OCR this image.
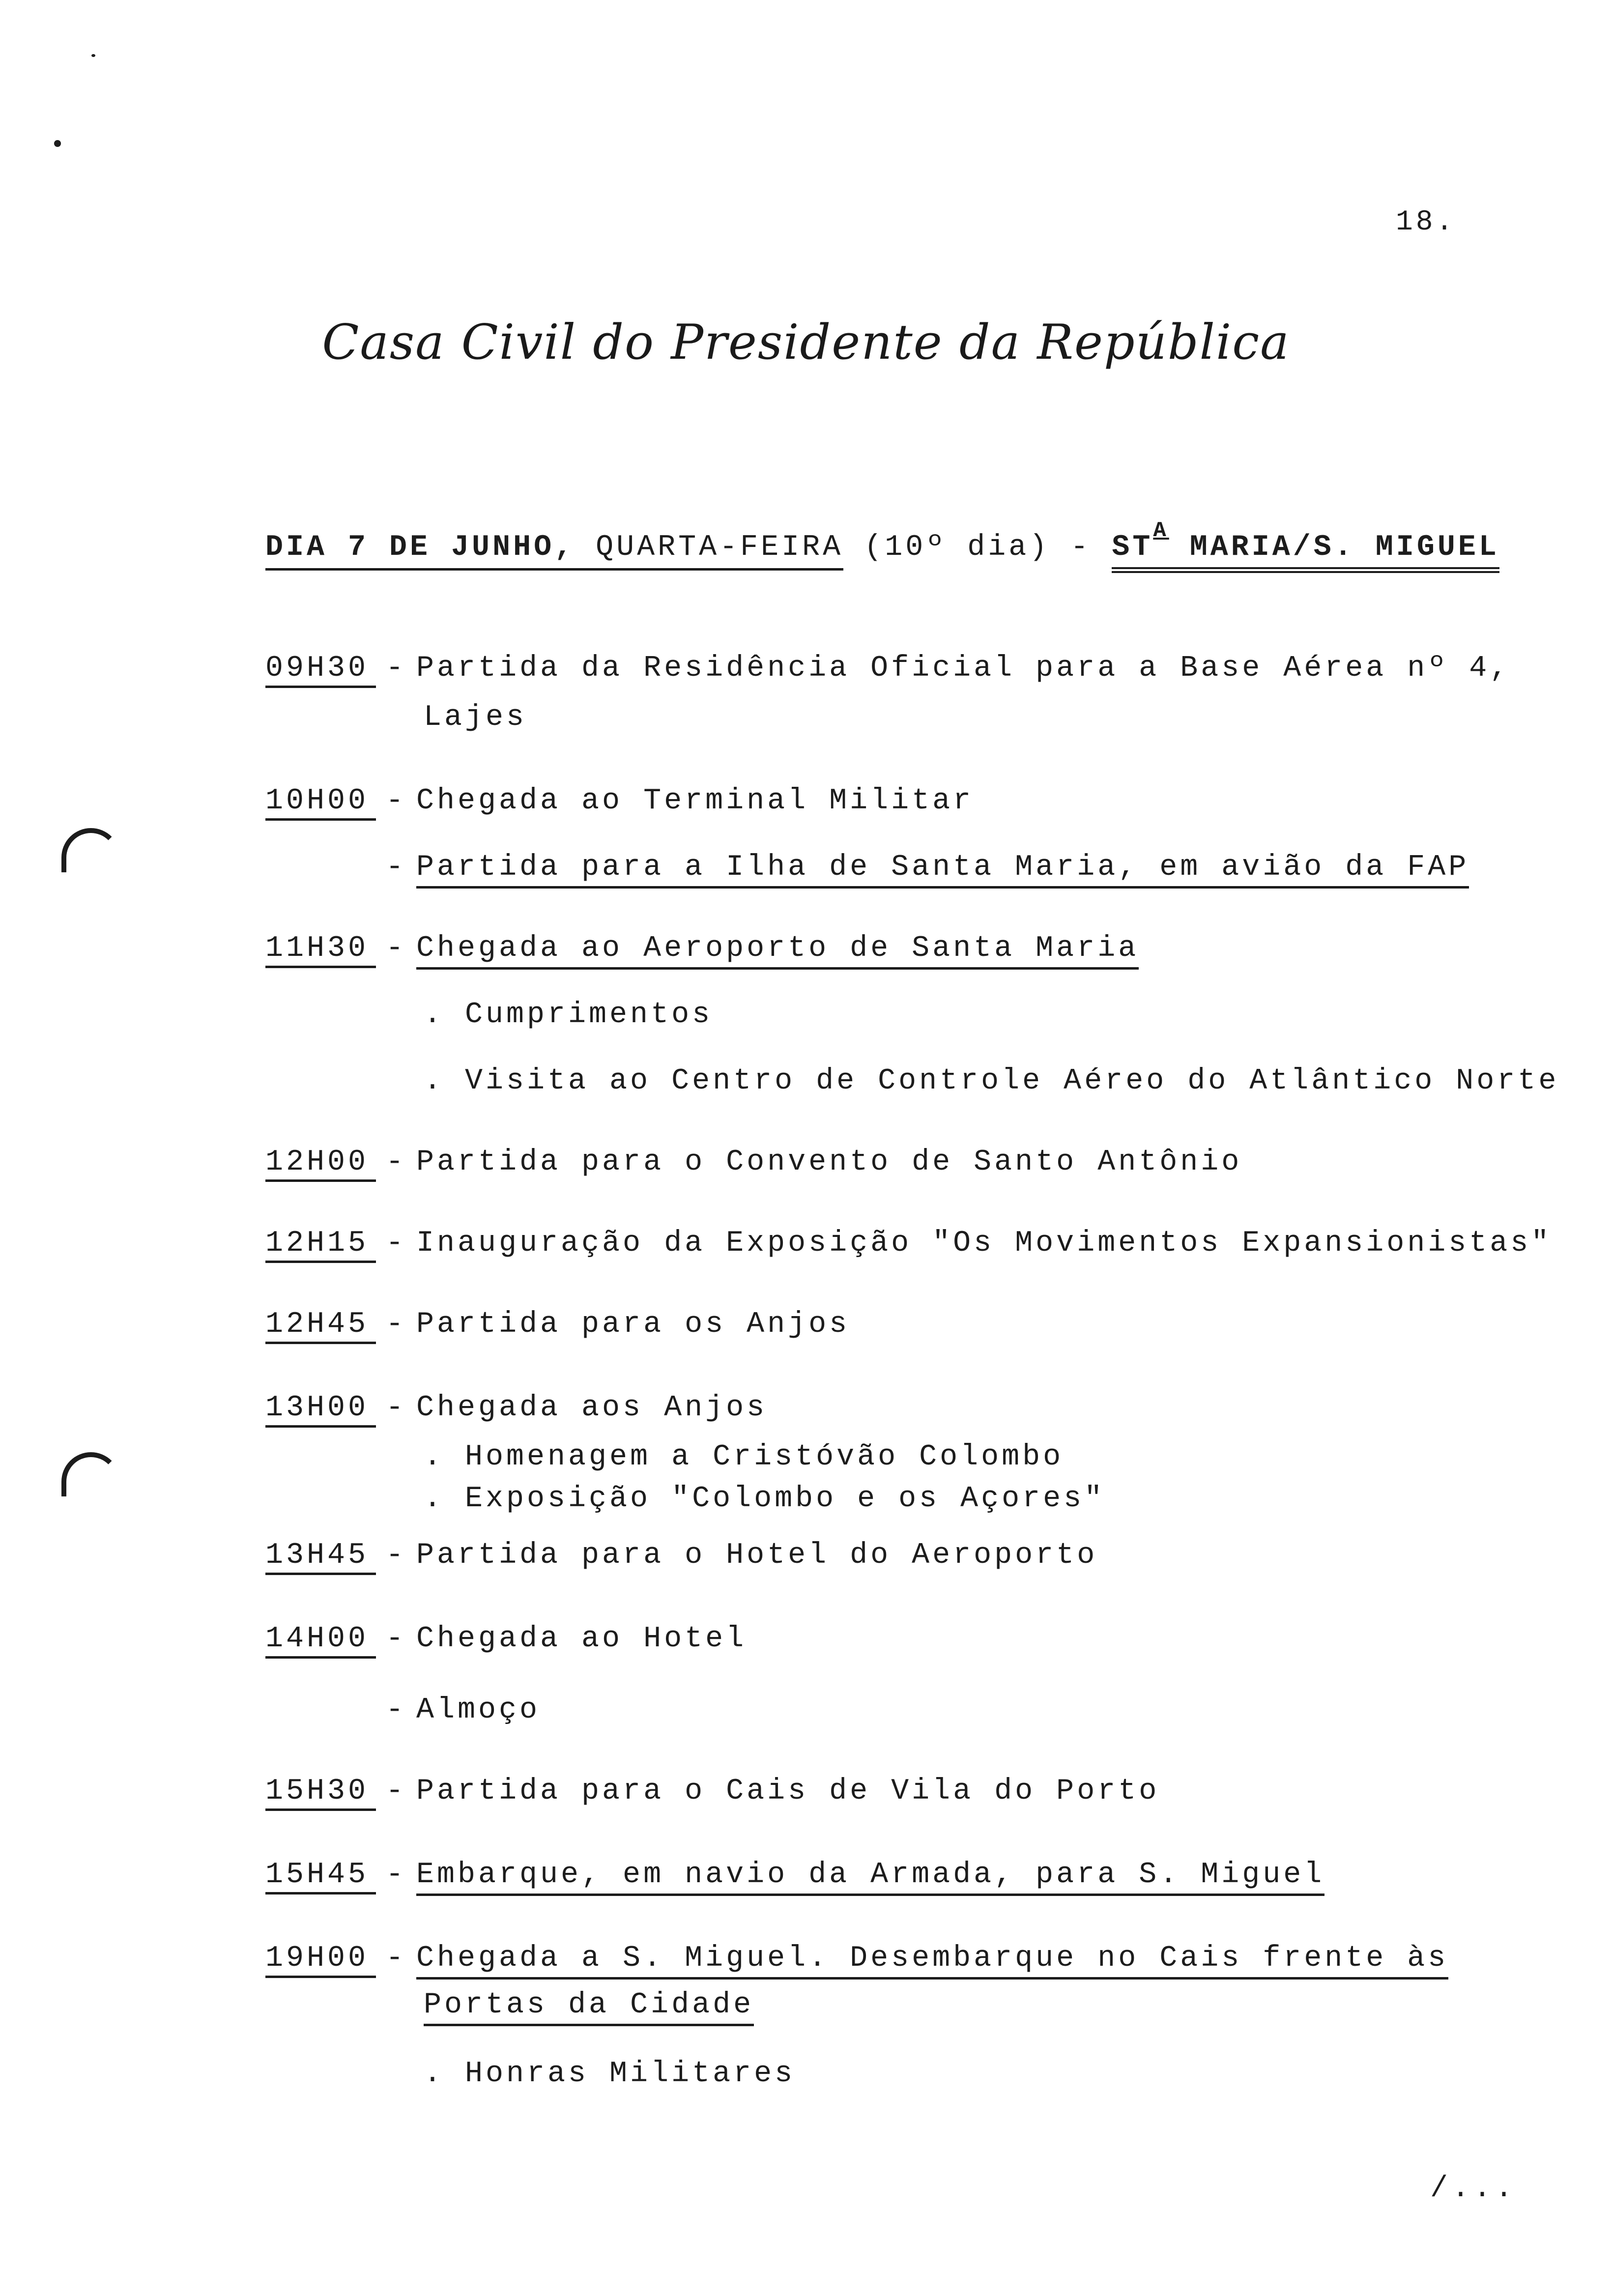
18.
Casa Civil do Presidente da República
DIA 7 DE JUNHO, QUARTA-FEIRA (10º $dia) - ST^A$ MARIA/S. MIGUEL
09H30 - Partida da Residência Oficial para a Base Aérea nº 4,
Lajes
10H00 - Chegada ao Terminal Militar
- Partida para a Ilha de Santa Maria, em avião da FAP
11H30 - Chegada ao Aeroporto de Santa Maria
. Cumprimentos
. Visita ao Centro de Controle Aéreo do Atlântico Norte
12H00 - Partida para o Convento de Santo Antônio
12H15 - Inauguração da Exposição "Os Movimentos Expansionistas"
12H45 - Partida para os Anjos
13H00 - Chegada aos Anjos
. Homenagem a Cristóvão Colombo
. Exposição "Colombo e os Açores"
13H45 - Partida para o Hotel do Aeroporto
14H00 - Chegada ao Hotel
- Almoço
15H30 - Partida para o Cais de Vila do Porto
15H45 - Embarque, em navio da Armada, para S. Miguel
19H00 - Chegada a S. Miguel. Desembarque no Cais frente às
Portas da Cidade
. Honras Militares
/...
